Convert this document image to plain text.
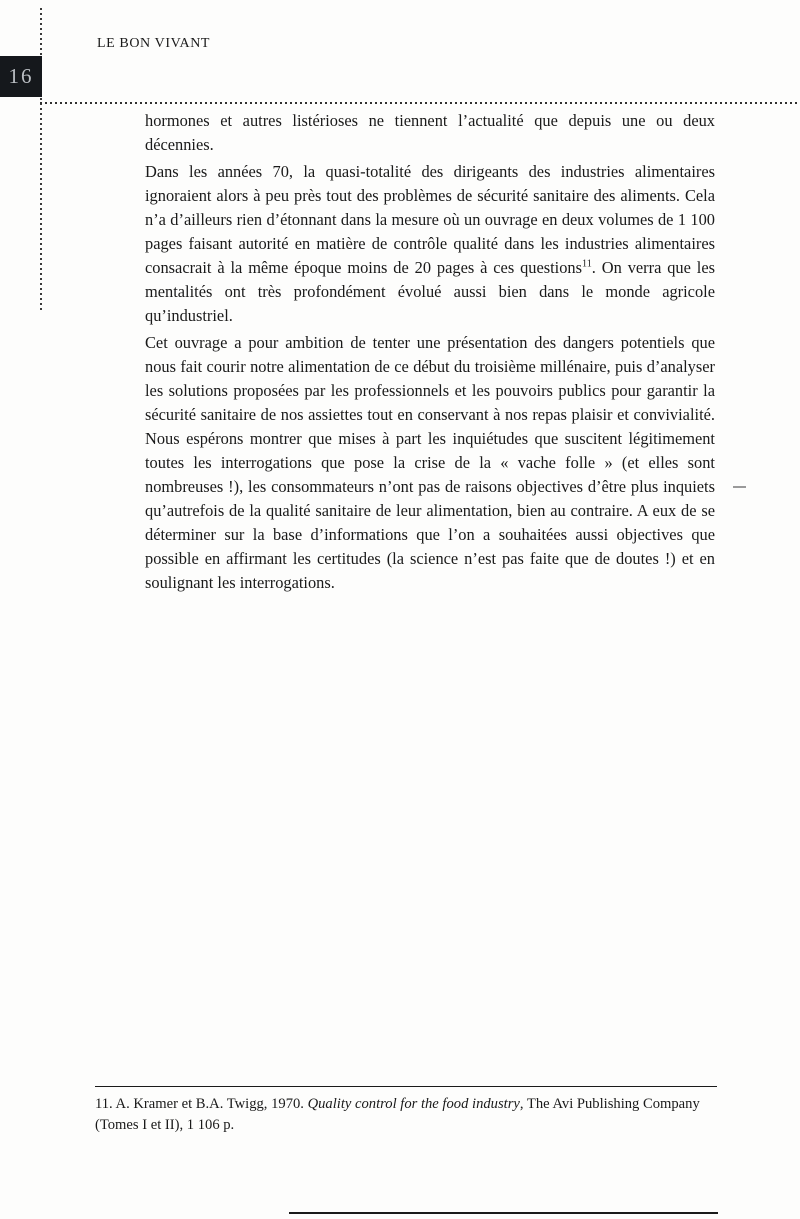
LE BON VIVANT
16

hormones et autres listérioses ne tiennent l’actualité que depuis une ou deux décennies.

Dans les années 70, la quasi-totalité des dirigeants des industries alimentaires ignoraient alors à peu près tout des problèmes de sécurité sanitaire des aliments. Cela n’a d’ailleurs rien d’étonnant dans la mesure où un ouvrage en deux volumes de 1 100 pages faisant autorité en matière de contrôle qualité dans les industries alimentaires consacrait à la même époque moins de 20 pages à ces questions$^{11}$. On verra que les mentalités ont très profondément évolué aussi bien dans le monde agricole qu’industriel.

Cet ouvrage a pour ambition de tenter une présentation des dangers potentiels que nous fait courir notre alimentation de ce début du troisième millénaire, puis d’analyser les solutions proposées par les professionnels et les pouvoirs publics pour garantir la sécurité sanitaire de nos assiettes tout en conservant à nos repas plaisir et convivialité. Nous espérons montrer que mises à part les inquiétudes que suscitent légitimement toutes les interrogations que pose la crise de la « vache folle » (et elles sont nombreuses !), les consommateurs n’ont pas de raisons objectives d’être plus inquiets qu’autrefois de la qualité sanitaire de leur alimentation, bien au contraire. A eux de se déterminer sur la base d’informations que l’on a souhaitées aussi objectives que possible en affirmant les certitudes (la science n’est pas faite que de doutes !) et en soulignant les interrogations.

11. A. Kramer et B.A. Twigg, 1970. Quality control for the food industry, The Avi Publishing Company (Tomes I et II), 1 106 p.
